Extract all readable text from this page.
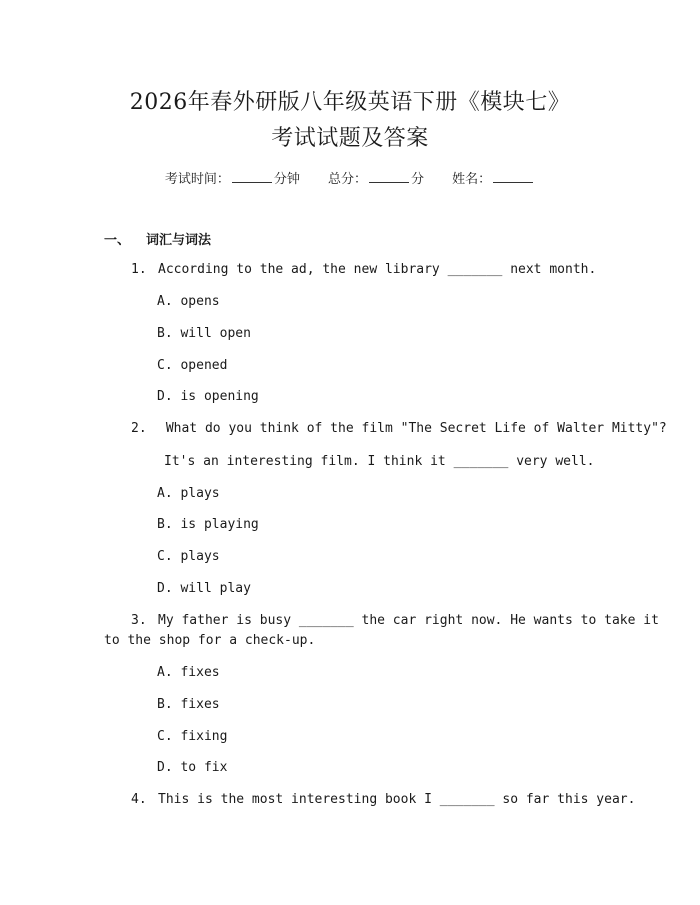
2026年春外研版八年级英语下册《模块七》
考试试题及答案
考试时间：	分钟 总分：	分 姓名：
一、 词汇与词法
1. According to the ad, the new library _______ next month.
A. opens
B. will open
C. opened
D. is opening
2. What do you think of the film "The Secret Life of Walter Mitty"?
It's an interesting film. I think it _______ very well.
A. plays
B. is playing
C. plays
D. will play
3. My father is busy _______ the car right now. He wants to take it
to the shop for a check-up.
A. fixes
B. fixes
C. fixing
D. to fix
4. This is the most interesting book I _______ so far this year.
